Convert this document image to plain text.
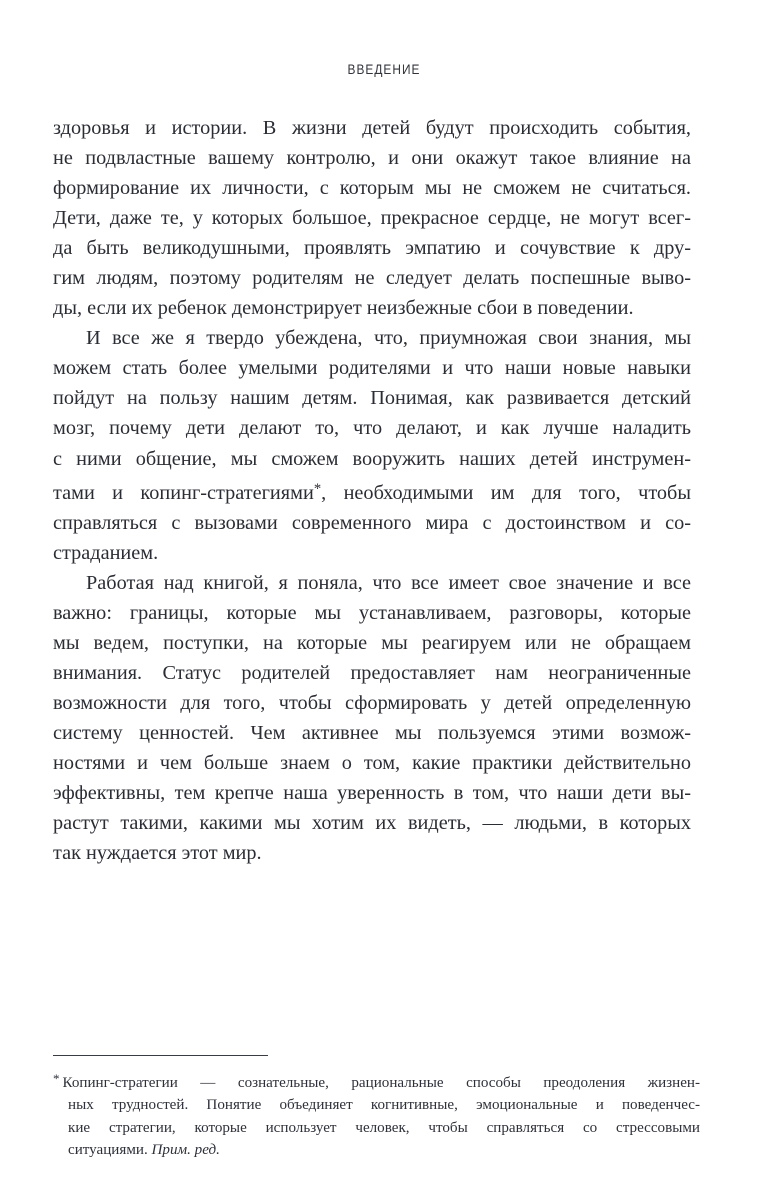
ВВЕДЕНИЕ

здоровья и истории. В жизни детей будут происходить события,
не подвластные вашему контролю, и они окажут такое влияние на
формирование их личности, с которым мы не сможем не считаться.
Дети, даже те, у которых большое, прекрасное сердце, не могут всег-
да быть великодушными, проявлять эмпатию и сочувствие к дру-
гим людям, поэтому родителям не следует делать поспешные выво-
ды, если их ребенок демонстрирует неизбежные сбои в поведении.

И все же я твердо убеждена, что, приумножая свои знания, мы
можем стать более умелыми родителями и что наши новые навыки
пойдут на пользу нашим детям. Понимая, как развивается детский
мозг, почему дети делают то, что делают, и как лучше наладить
с ними общение, мы сможем вооружить наших детей инструмен-
тами и копинг-стратегиями*, необходимыми им для того, чтобы
справляться с вызовами современного мира с достоинством и со-
страданием.

Работая над книгой, я поняла, что все имеет свое значение и все
важно: границы, которые мы устанавливаем, разговоры, которые
мы ведем, поступки, на которые мы реагируем или не обращаем
внимания. Статус родителей предоставляет нам неограниченные
возможности для того, чтобы сформировать у детей определенную
систему ценностей. Чем активнее мы пользуемся этими возмож-
ностями и чем больше знаем о том, какие практики действительно
эффективны, тем крепче наша уверенность в том, что наши дети вы-
растут такими, какими мы хотим их видеть, — людьми, в которых
так нуждается этот мир.

* Копинг-стратегии — сознательные, рациональные способы преодоления жизнен-
ных трудностей. Понятие объединяет когнитивные, эмоциональные и поведенчес-
кие стратегии, которые использует человек, чтобы справляться со стрессовыми
ситуациями. Прим. ред.
